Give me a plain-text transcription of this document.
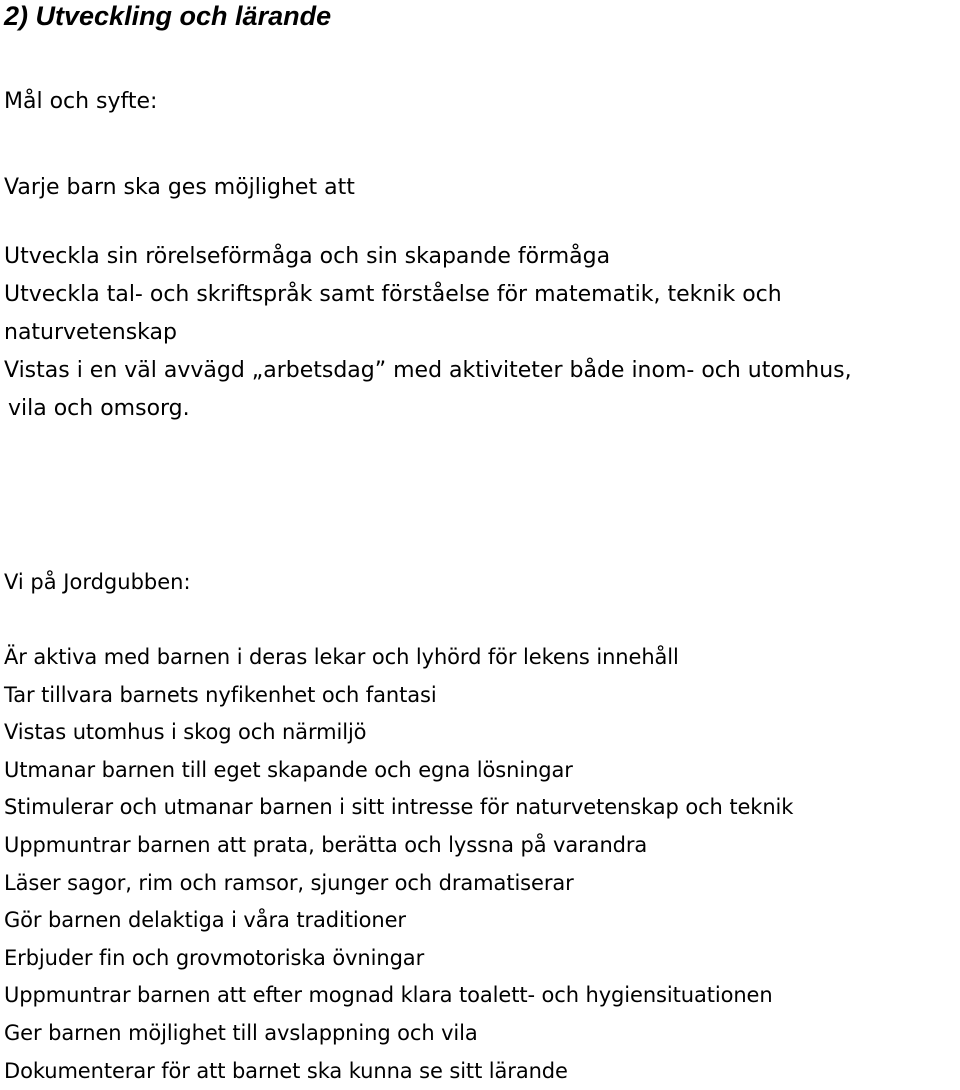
2) Utveckling och lärande

Mål och syfte:

Varje barn ska ges möjlighet att

Utveckla sin rörelseförmåga och sin skapande förmåga
Utveckla tal- och skriftspråk samt förståelse för matematik, teknik och
naturvetenskap
Vistas i en väl avvägd „arbetsdag” med aktiviteter både inom- och utomhus,
vila och omsorg.

Vi på Jordgubben:

Är aktiva med barnen i deras lekar och lyhörd för lekens innehåll
Tar tillvara barnets nyfikenhet och fantasi
Vistas utomhus i skog och närmiljö
Utmanar barnen till eget skapande och egna lösningar
Stimulerar och utmanar barnen i sitt intresse för naturvetenskap och teknik
Uppmuntrar barnen att prata, berätta och lyssna på varandra
Läser sagor, rim och ramsor, sjunger och dramatiserar
Gör barnen delaktiga i våra traditioner
Erbjuder fin och grovmotoriska övningar
Uppmuntrar barnen att efter mognad klara toalett- och hygiensituationen
Ger barnen möjlighet till avslappning och vila
Dokumenterar för att barnet ska kunna se sitt lärande
